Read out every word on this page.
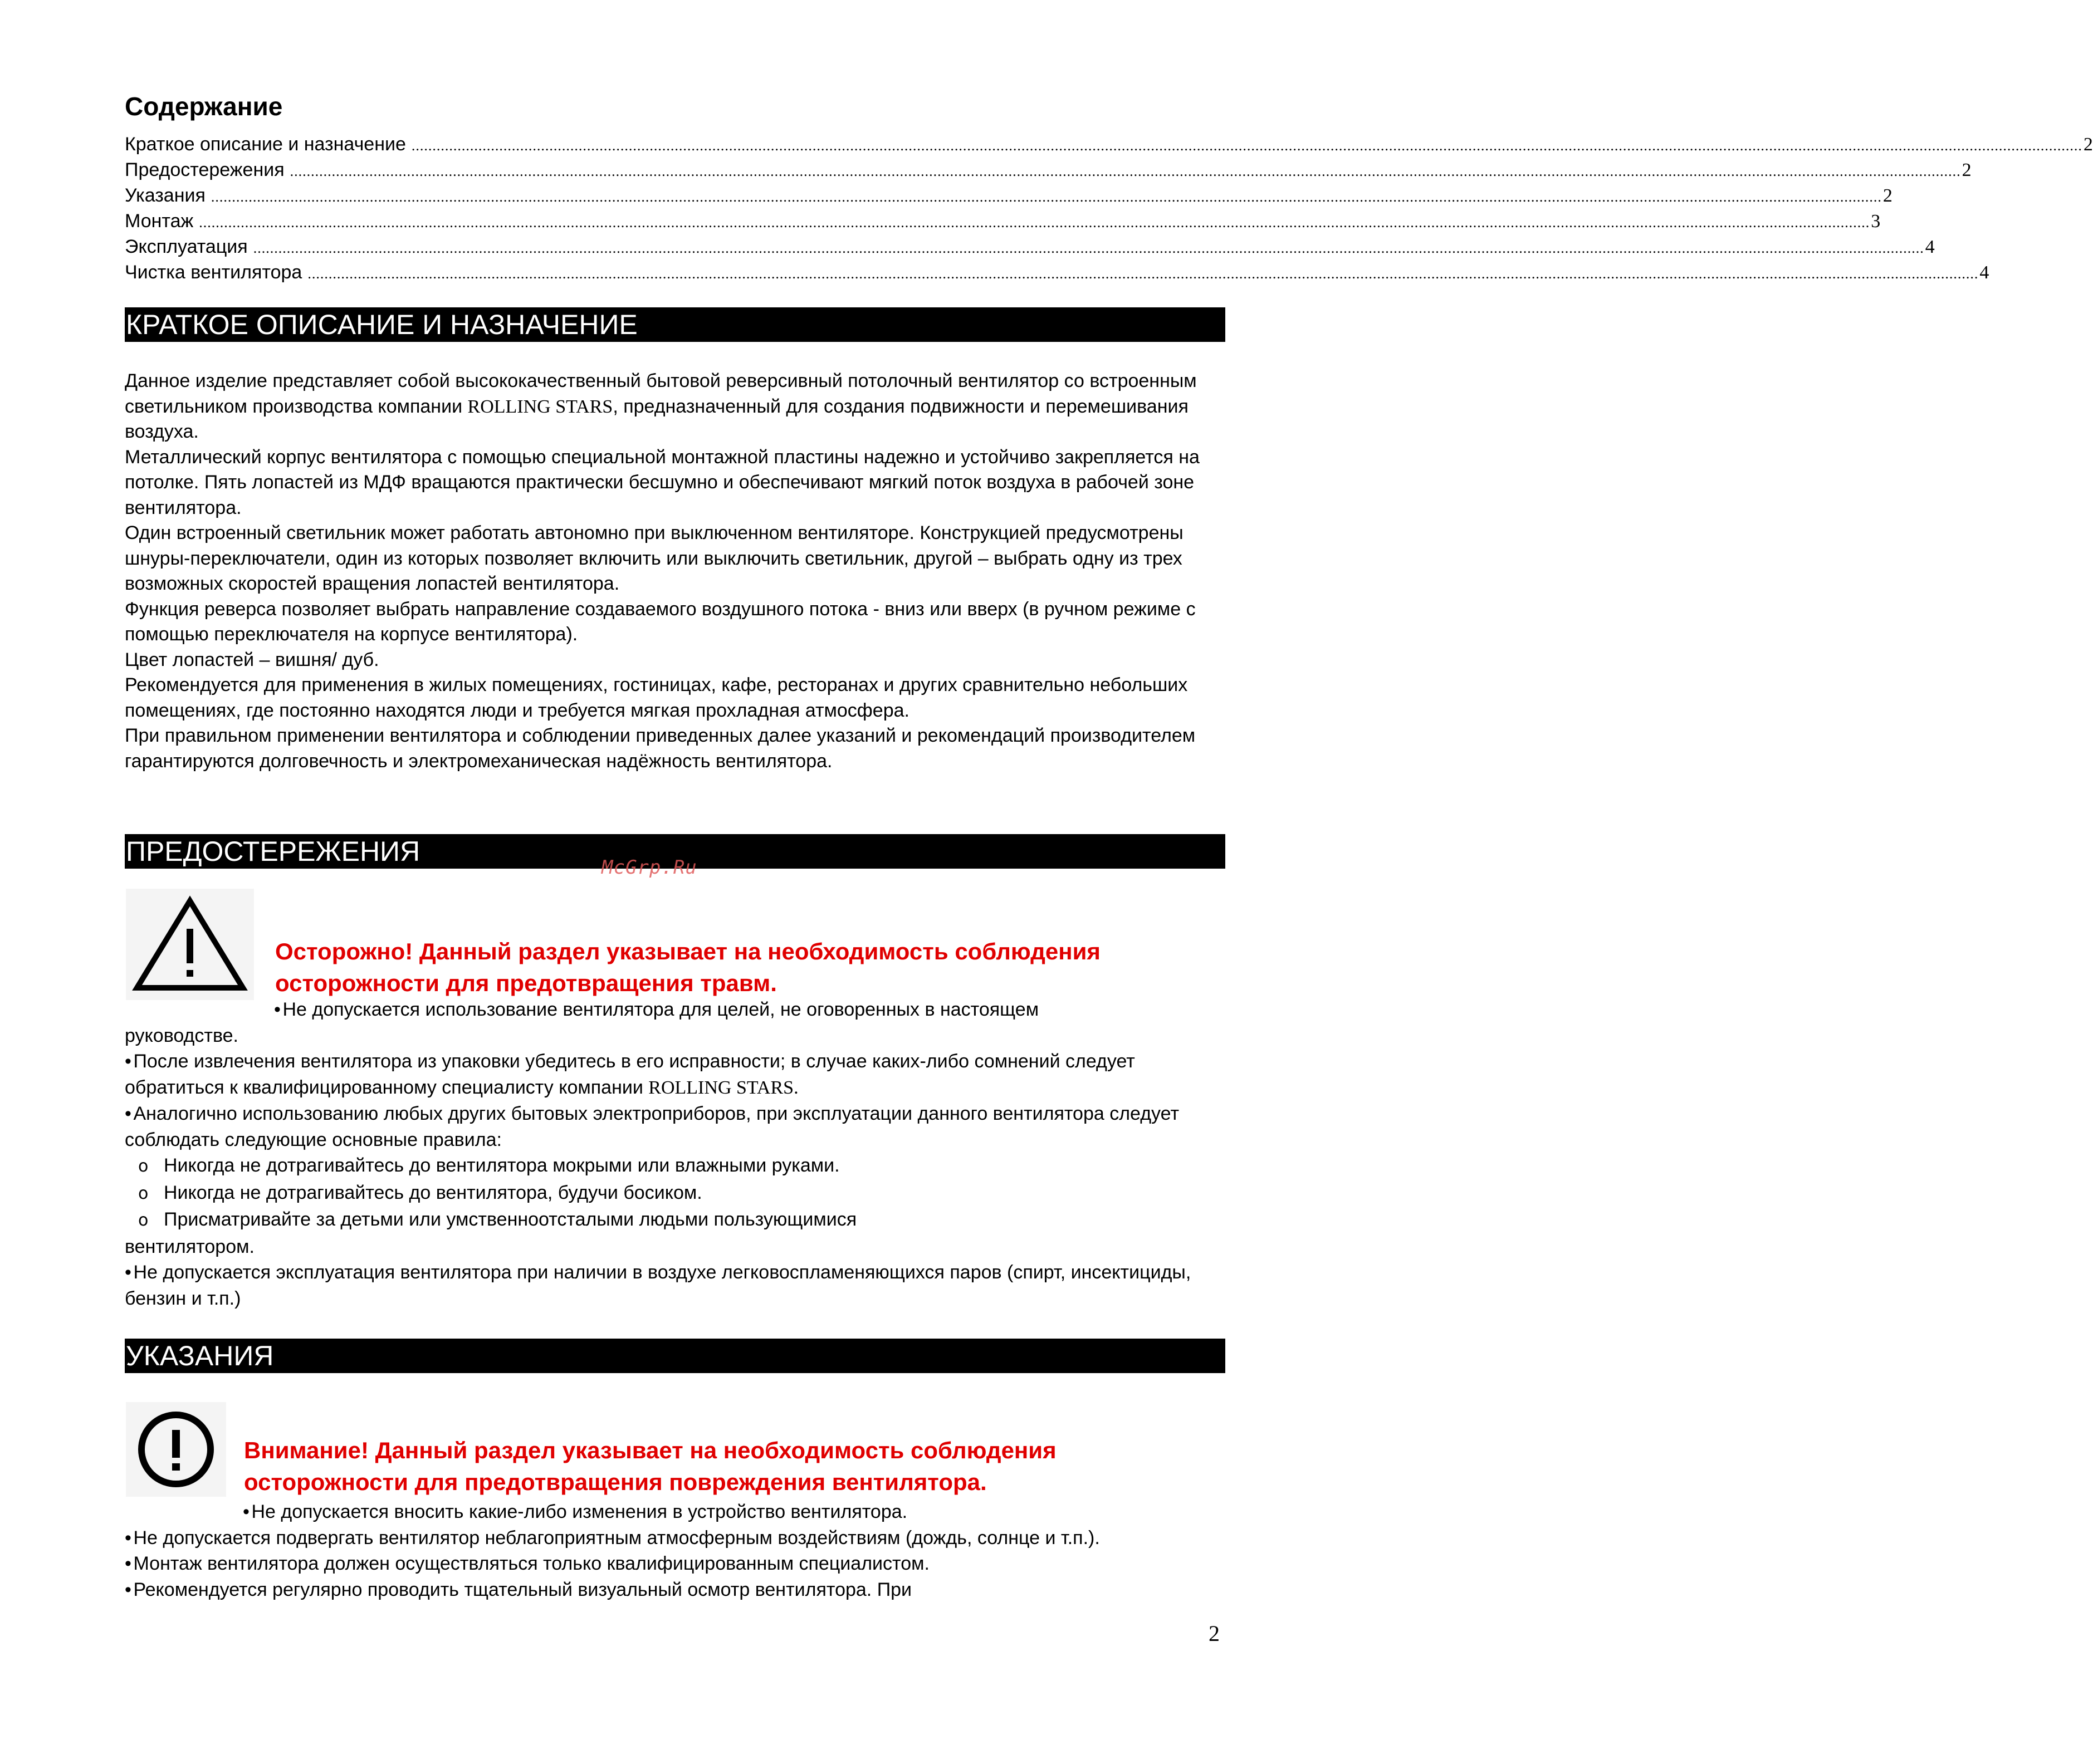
Содержание
Краткое описание и назначение ................................................................................................................................................................................................................................................................................................................................................................................................................ 2
Предостережения ................................................................................................................................................................................................................................................................................................................................................................................................................ 2
Указания ................................................................................................................................................................................................................................................................................................................................................................................................................ 2
Монтаж ................................................................................................................................................................................................................................................................................................................................................................................................................ 3
Эксплуатация ................................................................................................................................................................................................................................................................................................................................................................................................................ 4
Чистка вентилятора ................................................................................................................................................................................................................................................................................................................................................................................................................ 4
КРАТКОЕ ОПИСАНИЕ И НАЗНАЧЕНИЕ

Данное изделие представляет собой высококачественный бытовой реверсивный потолочный вентилятор со встроенным светильником производства компании ROLLING STARS, предназначенный для создания подвижности и перемешивания воздуха.

Металлический корпус вентилятора с помощью специальной монтажной пластины надежно и устойчиво закрепляется на потолке. Пять лопастей из МДФ вращаются практически бесшумно и обеспечивают мягкий поток воздуха в рабочей зоне вентилятора.

Один встроенный светильник может работать автономно при выключенном вентиляторе. Конструкцией предусмотрены шнуры-переключатели, один из которых позволяет включить или выключить светильник, другой – выбрать одну из трех возможных скоростей вращения лопастей вентилятора.

Функция реверса позволяет выбрать направление создаваемого воздушного потока - вниз или вверх (в ручном режиме с помощью переключателя на корпусе вентилятора).

Цвет лопастей – вишня/ дуб.

Рекомендуется для применения в жилых помещениях, гостиницах, кафе, ресторанах и других сравнительно небольших помещениях, где постоянно находятся люди и требуется мягкая прохладная атмосфера.

При правильном применении вентилятора и соблюдении приведенных далее указаний и рекомендаций производителем гарантируются долговечность и электромеханическая надёжность вентилятора.

ПРЕДОСТЕРЕЖЕНИЯ
McGrp.Ru

Осторожно! Данный раздел указывает на необходимость соблюдения осторожности для предотвращения травм.

• Не допускается использование вентилятора для целей, не оговоренных в настоящем

руководстве.

• После извлечения вентилятора из упаковки убедитесь в его исправности; в случае каких-либо сомнений следует обратиться к квалифицированному специалисту компании ROLLING STARS.

• Аналогично использованию любых других бытовых электроприборов, при эксплуатации данного вентилятора следует соблюдать следующие основные правила:

o Никогда не дотрагивайтесь до вентилятора мокрыми или влажными руками.

o Никогда не дотрагивайтесь до вентилятора, будучи босиком.

o Присматривайте за детьми или умственноотсталыми людьми пользующимися

вентилятором.

• Не допускается эксплуатация вентилятора при наличии в воздухе легковоспламеняющихся паров (спирт, инсектициды, бензин и т.п.)

УКАЗАНИЯ

Внимание! Данный раздел указывает на необходимость соблюдения осторожности для предотвращения повреждения вентилятора.

• Не допускается вносить какие-либо изменения в устройство вентилятора.

• Не допускается подвергать вентилятор неблагоприятным атмосферным воздействиям (дождь, солнце и т.п.).

• Монтаж вентилятора должен осуществляться только квалифицированным специалистом.

• Рекомендуется регулярно проводить тщательный визуальный осмотр вентилятора. При

2
